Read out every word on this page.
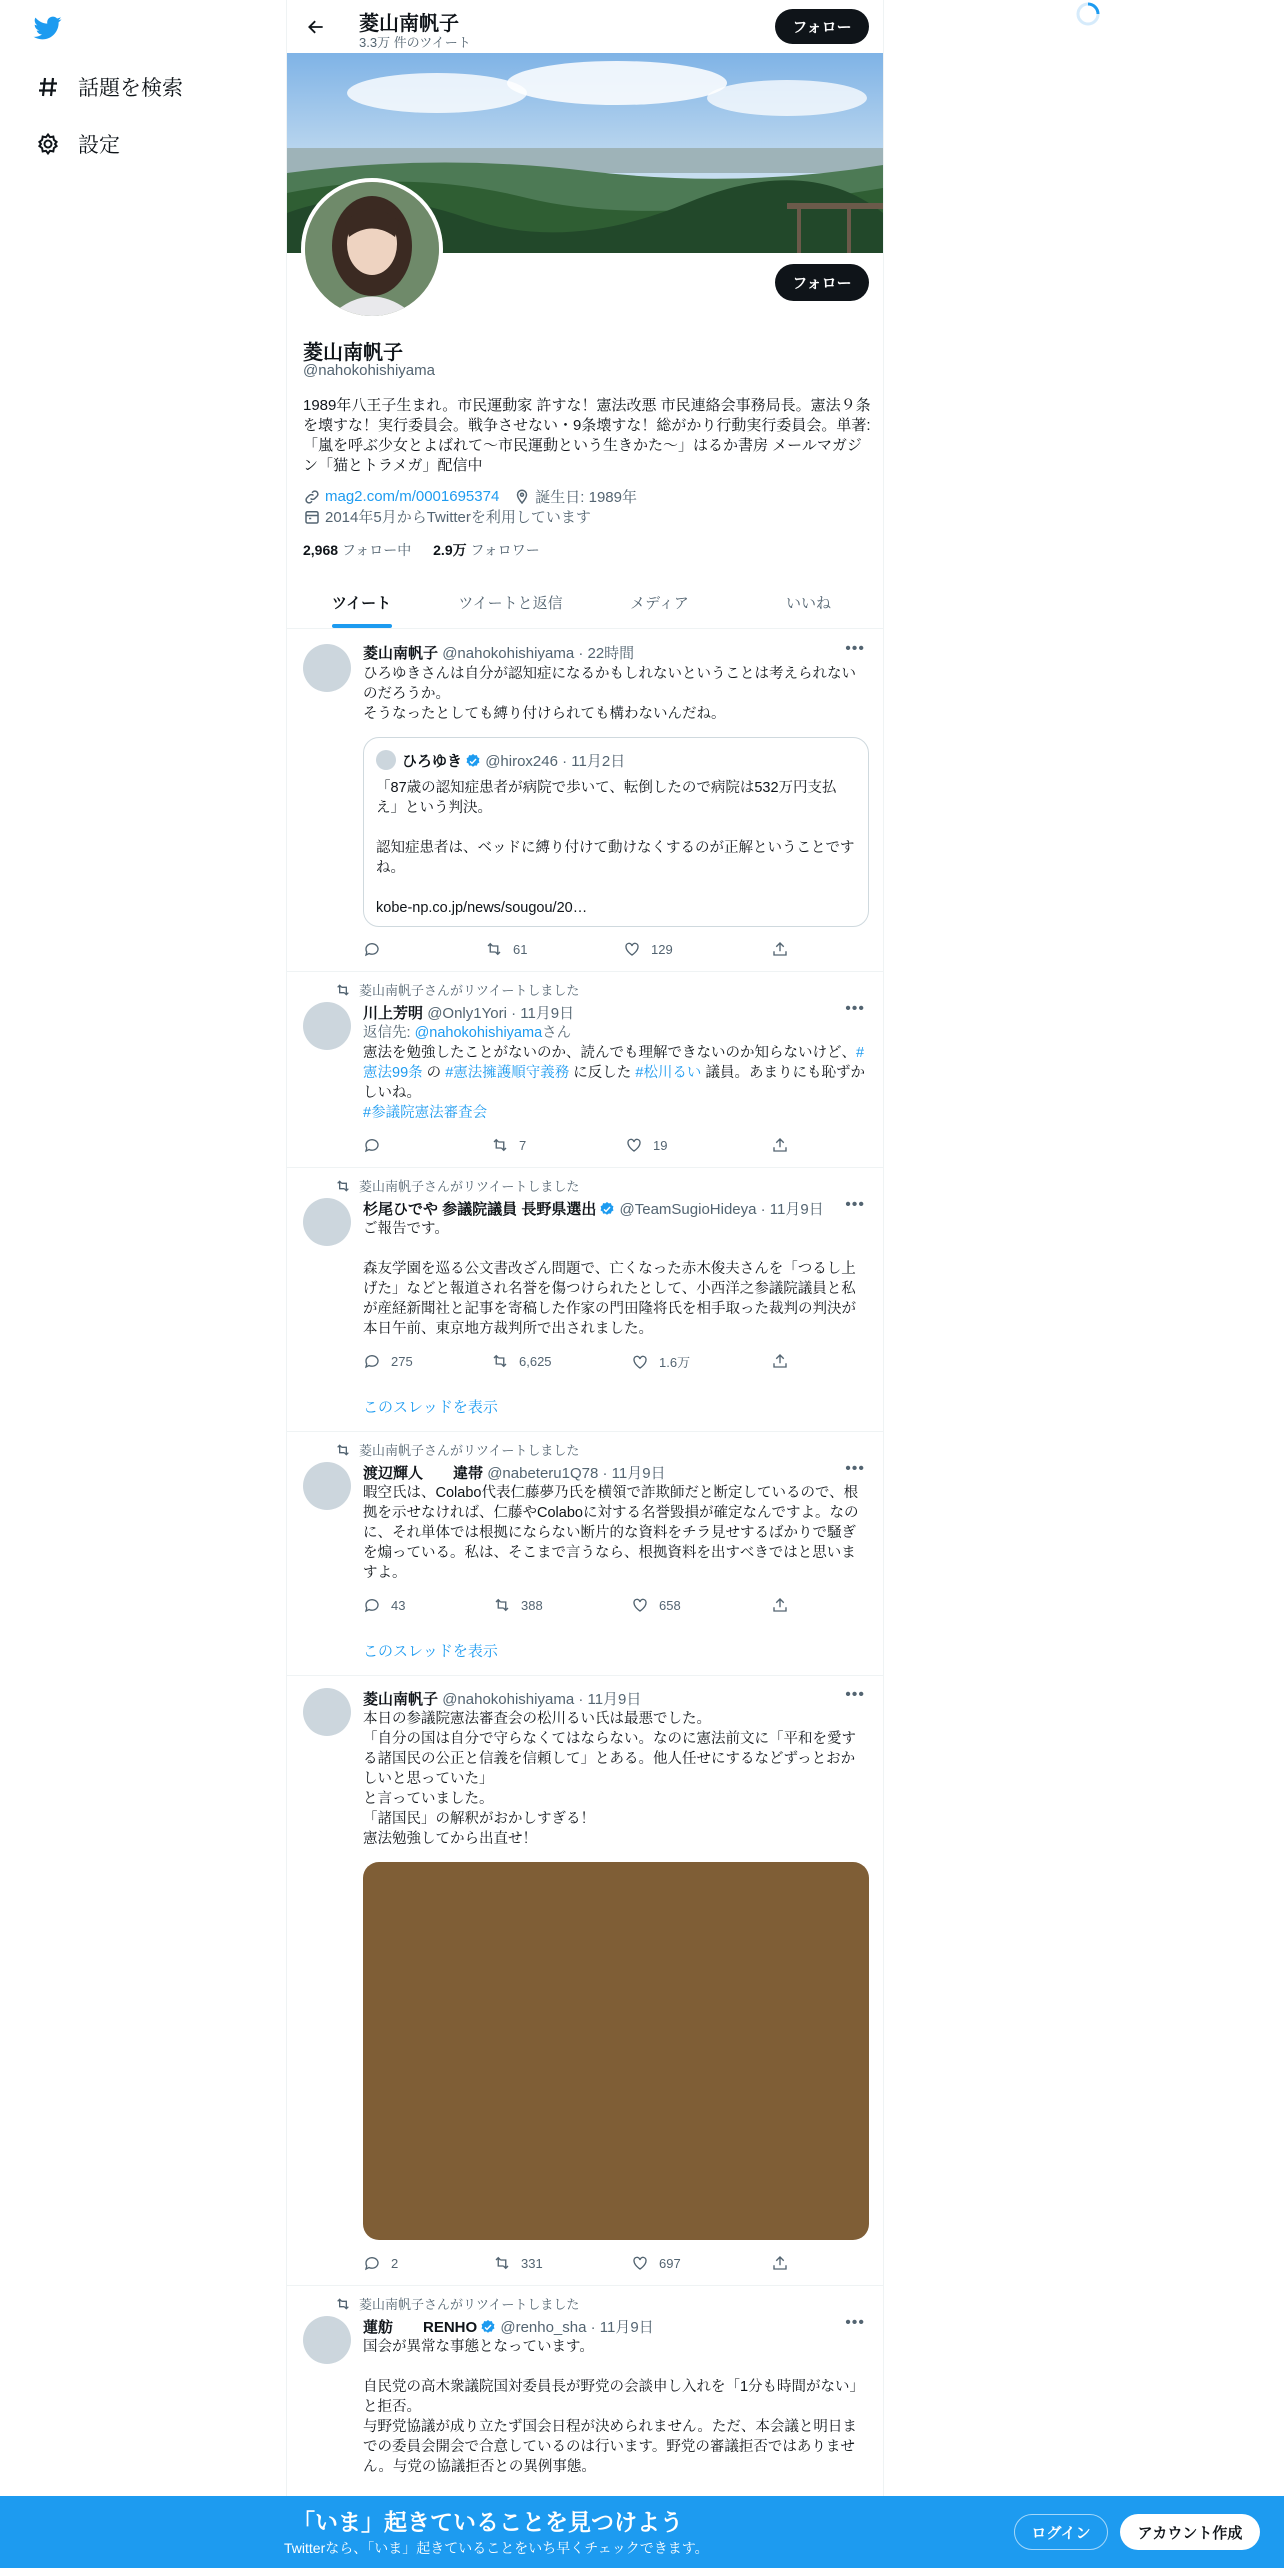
話題を検索
設定
菱山南帆子
3.3万 件のツイート
フォロー
フォロー
菱山南帆子
@nahokohishiyama
1989年八王子生まれ。市民運動家 許すな！憲法改悪 市民連絡会事務局長。憲法９条を壊すな！実行委員会。戦争させない・9条壊すな！総がかり行動実行委員会。単著:「嵐を呼ぶ少女とよばれて〜市民運動という生きかた〜」はるか書房 メールマガジン「猫とトラメガ」配信中
mag2.com/m/0001695374 誕生日: 1989年
2014年5月からTwitterを利用しています
2,968 フォロー中 2.9万 フォロワー
ツイート	ツイートと返信	メディア	いいね
菱山南帆子 @nahokohishiyama · 22時間	•••
ひろゆきさんは自分が認知症になるかもしれないということは考えられないのだろうか。
そうなったとしても縛り付けられても構わないんだね。
ひろゆき @hirox246 · 11月2日
「87歳の認知症患者が病院で歩いて、転倒したので病院は532万円支払え」という判決。

認知症患者は、ベッドに縛り付けて動けなくするのが正解ということですね。

kobe-np.co.jp/news/sougou/20…
61	129
菱山南帆子さんがリツイートしました
川上芳明 @Only1Yori · 11月9日	•••
返信先: @nahokohishiyamaさん
憲法を勉強したことがないのか、読んでも理解できないのか知らないけど、#憲法99条 の #憲法擁護順守義務 に反した #松川るい 議員。あまりにも恥ずかしいね。
#参議院憲法審査会
7	19
菱山南帆子さんがリツイートしました
杉尾ひでや 参議院議員 長野県選出 @TeamSugioHideya · 11月9日 •••
ご報告です。

森友学園を巡る公文書改ざん問題で、亡くなった赤木俊夫さんを「つるし上げた」などと報道され名誉を傷つけられたとして、小西洋之参議院議員と私が産経新聞社と記事を寄稿した作家の門田隆将氏を相手取った裁判の判決が本日午前、東京地方裁判所で出されました。
275	6,625	1.6万
このスレッドを表示
菱山南帆子さんがリツイートしました
渡辺輝人　　違帯 @nabeteru1Q78 · 11月9日	•••
暇空氏は、Colabo代表仁藤夢乃氏を横領で詐欺師だと断定しているので、根拠を示せなければ、仁藤やColaboに対する名誉毀損が確定なんですよ。なのに、それ単体では根拠にならない断片的な資料をチラ見せするばかりで騒ぎを煽っている。私は、そこまで言うなら、根拠資料を出すべきではと思いますよ。
43	388	658
このスレッドを表示
菱山南帆子 @nahokohishiyama · 11月9日	•••
本日の参議院憲法審査会の松川るい氏は最悪でした。
「自分の国は自分で守らなくてはならない。なのに憲法前文に「平和を愛する諸国民の公正と信義を信頼して」とある。他人任せにするなどずっとおかしいと思っていた」
と言っていました。
「諸国民」の解釈がおかしすぎる！
憲法勉強してから出直せ！
2	331	697
菱山南帆子さんがリツイートしました
蓮舫　　RENHO @renho_sha · 11月9日	•••
国会が異常な事態となっています。

自民党の高木衆議院国対委員長が野党の会談申し入れを「1分も時間がない」と拒否。
与野党協議が成り立たず国会日程が決められません。ただ、本会議と明日までの委員会開会で合意しているのは行います。野党の審議拒否ではありません。与党の協議拒否との異例事態。
「いま」起きていることを見つけよう
Twitterなら、「いま」起きていることをいち早くチェックできます。
ログイン	アカウント作成
